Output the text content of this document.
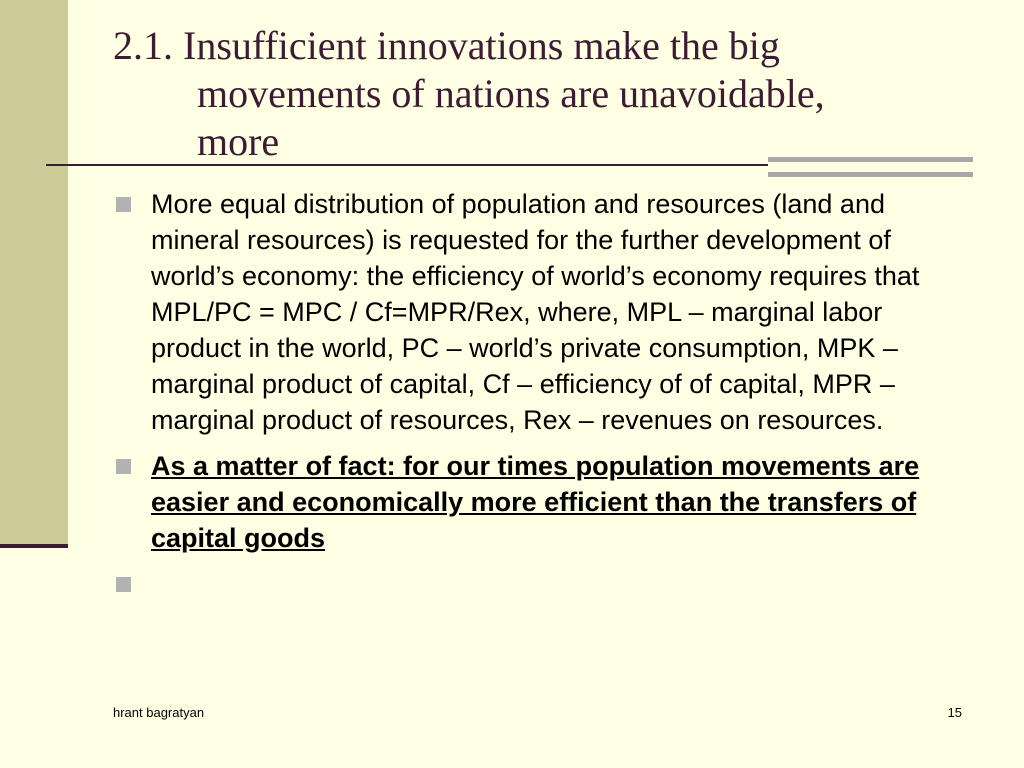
2.1. Insufficient innovations make the big
movements of nations are unavoidable,
more
More equal distribution of population and resources (land and mineral resources) is requested for the further development of world’s economy: the efficiency of world’s economy requires that MPL/PC = MPC / Cf=MPR/Rex, where, MPL – marginal labor product in the world, PC – world’s private consumption, MPK – marginal product of capital, Cf – efficiency of of capital, MPR – marginal product of resources, Rex – revenues on resources.
As a matter of fact: for our times population movements are easier and economically more efficient than the transfers of capital goods
hrant bagratyan	15
